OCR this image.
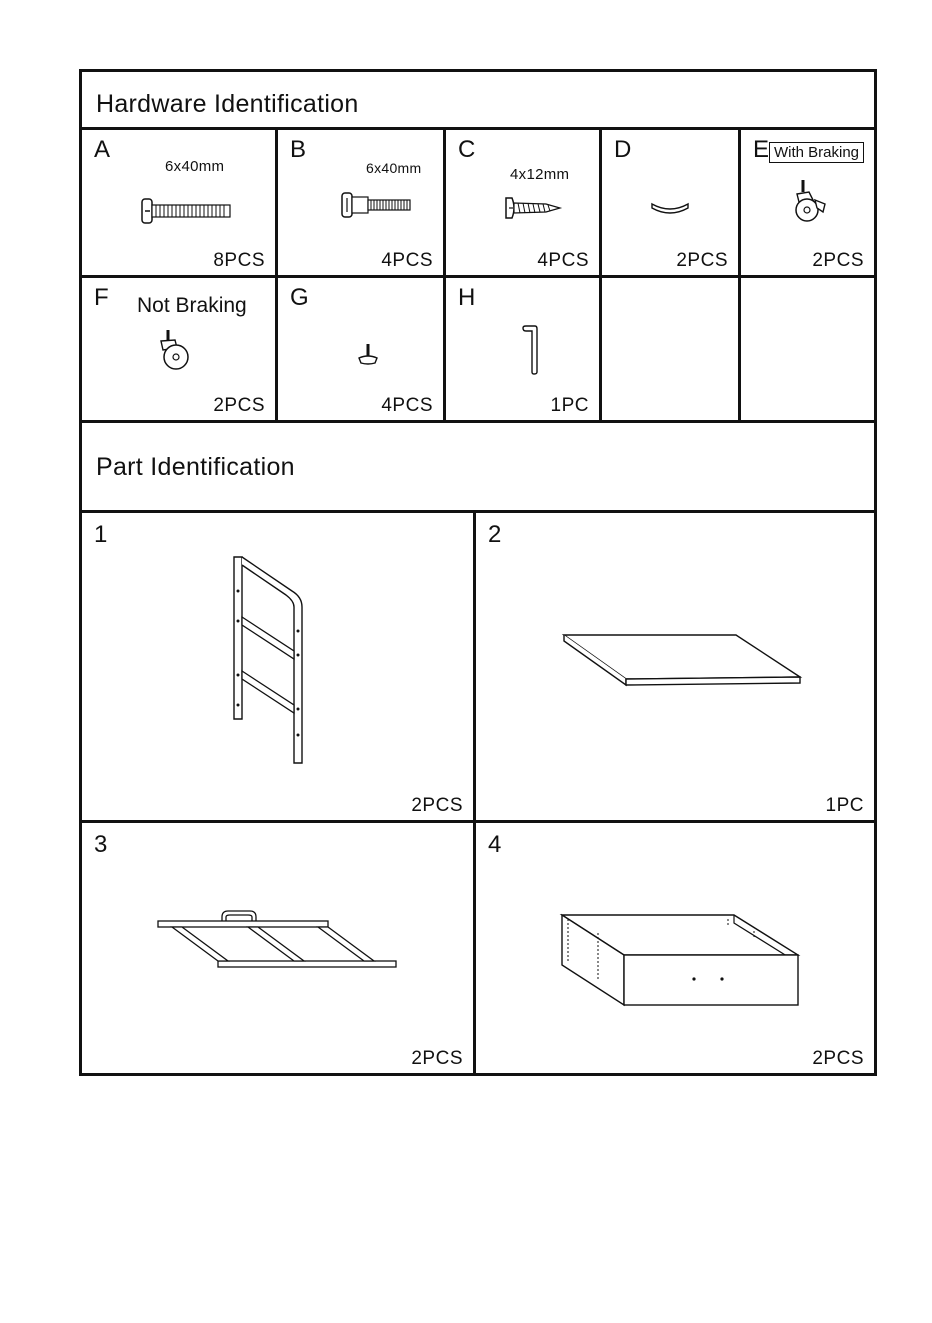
Hardware Identification
A
6x40mm
8PCS
B
6x40mm
4PCS
C
4x12mm
4PCS
D
2PCS
E With Braking
2PCS
F Not Braking
2PCS
G
4PCS
H
1PC
Part Identification
1
2PCS
2
1PC
3
2PCS
4
2PCS
